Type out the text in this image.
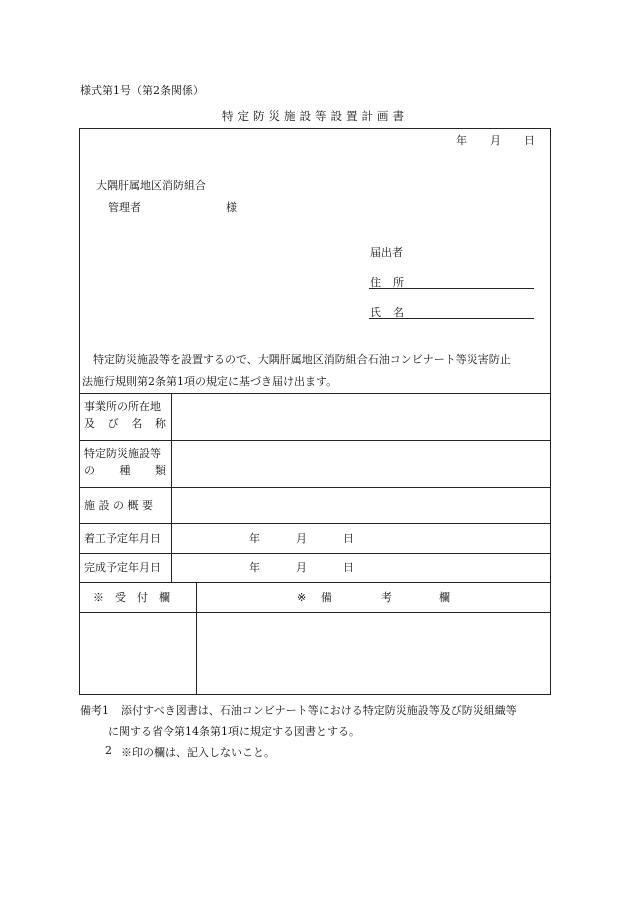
様式第1号（第2条関係）
特定防災施設等設置計画書
年 月 日
大隅肝属地区消防組合
管理者	様
届出者
住 所
氏 名
特定防災施設等を設置するので、大隅肝属地区消防組合石油コンビナート等災害防止
法施行規則第2条第1項の規定に基づき届け出ます。
事業所の所在地
及 び 名 称
特定防災施設等
の 種 類
施 設 の 概 要
着工予定年月日	年	月	日
完成予定年月日	年	月	日
※　受　付　欄	※ 備	考	欄
備考1 添付すべき図書は、石油コンビナート等における特定防災施設等及び防災組織等
に関する省令第14条第1項に規定する図書とする。
2 ※印の欄は、記入しないこと。
